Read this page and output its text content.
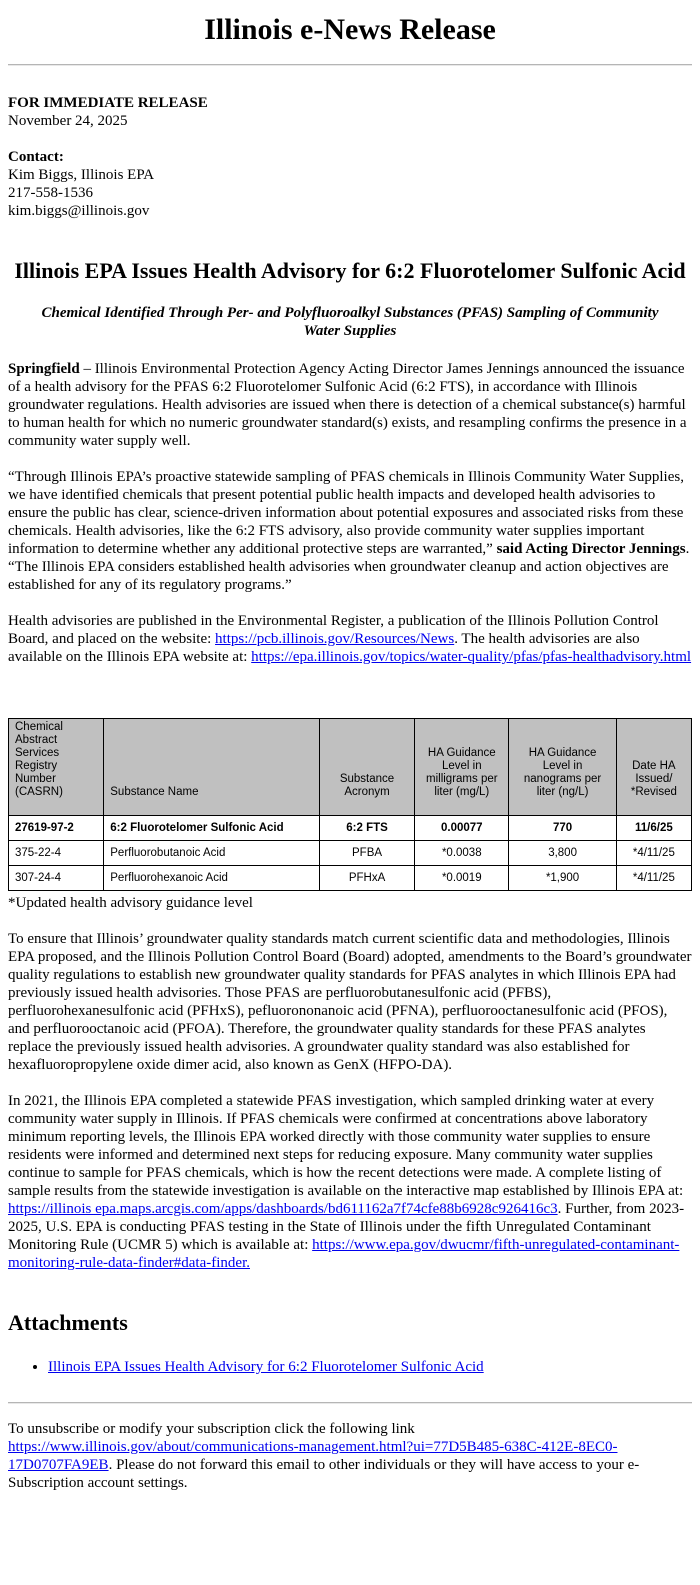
Illinois e-News Release
FOR IMMEDIATE RELEASE
November 24, 2025
Contact:
Kim Biggs, Illinois EPA
217-558-1536
kim.biggs@illinois.gov
Illinois EPA Issues Health Advisory for 6:2 Fluorotelomer Sulfonic Acid
Chemical Identified Through Per- and Polyfluoroalkyl Substances (PFAS) Sampling of Community Water Supplies

Springfield – Illinois Environmental Protection Agency Acting Director James Jennings announced the issuance of a health advisory for the PFAS 6:2 Fluorotelomer Sulfonic Acid (6:2 FTS), in accordance with Illinois groundwater regulations. Health advisories are issued when there is detection of a chemical substance(s) harmful to human health for which no numeric groundwater standard(s) exists, and resampling confirms the presence in a community water supply well.

“Through Illinois EPA’s proactive statewide sampling of PFAS chemicals in Illinois Community Water Supplies, we have identified chemicals that present potential public health impacts and developed health advisories to ensure the public has clear, science-driven information about potential exposures and associated risks from these chemicals. Health advisories, like the 6:2 FTS advisory, also provide community water supplies important information to determine whether any additional protective steps are warranted,” said Acting Director Jennings. “The Illinois EPA considers established health advisories when groundwater cleanup and action objectives are established for any of its regulatory programs.”

Health advisories are published in the Environmental Register, a publication of the Illinois Pollution Control Board, and placed on the website: https://pcb.illinois.gov/Resources/News. The health advisories are also available on the Illinois EPA website at: https://epa.illinois.gov/topics/water-quality/pfas/pfas-healthadvisory.html

Chemical Abstract Services Registry Number (CASRN)	Substance Name	Substance Acronym	HA Guidance Level in milligrams per liter (mg/L)	HA Guidance Level in nanograms per liter (ng/L)	Date HA Issued/ *Revised
27619-97-2	6:2 Fluorotelomer Sulfonic Acid	6:2 FTS	0.00077	770	11/6/25
375-22-4	Perfluorobutanoic Acid	PFBA	*0.0038	3,800	*4/11/25
307-24-4	Perfluorohexanoic Acid	PFHxA	*0.0019	*1,900	*4/11/25
*Updated health advisory guidance level

To ensure that Illinois’ groundwater quality standards match current scientific data and methodologies, Illinois EPA proposed, and the Illinois Pollution Control Board (Board) adopted, amendments to the Board’s groundwater quality regulations to establish new groundwater quality standards for PFAS analytes in which Illinois EPA had previously issued health advisories. Those PFAS are perfluorobutanesulfonic acid (PFBS), perfluorohexanesulfonic acid (PFHxS), pefluorononanoic acid (PFNA), perfluorooctanesulfonic acid (PFOS), and perfluorooctanoic acid (PFOA). Therefore, the groundwater quality standards for these PFAS analytes replace the previously issued health advisories. A groundwater quality standard was also established for hexafluoropropylene oxide dimer acid, also known as GenX (HFPO-DA).

In 2021, the Illinois EPA completed a statewide PFAS investigation, which sampled drinking water at every community water supply in Illinois. If PFAS chemicals were confirmed at concentrations above laboratory minimum reporting levels, the Illinois EPA worked directly with those community water supplies to ensure residents were informed and determined next steps for reducing exposure. Many community water supplies continue to sample for PFAS chemicals, which is how the recent detections were made. A complete listing of sample results from the statewide investigation is available on the interactive map established by Illinois EPA at: https://illinois epa.maps.arcgis.com/apps/dashboards/bd611162a7f74cfe88b6928c926416c3. Further, from 2023-2025, U.S. EPA is conducting PFAS testing in the State of Illinois under the fifth Unregulated Contaminant Monitoring Rule (UCMR 5) which is available at: https://www.epa.gov/dwucmr/fifth-unregulated-contaminant-monitoring-rule-data-finder#data-finder.

Attachments
• Illinois EPA Issues Health Advisory for 6:2 Fluorotelomer Sulfonic Acid

To unsubscribe or modify your subscription click the following link https://www.illinois.gov/about/communications-management.html?ui=77D5B485-638C-412E-8EC0-17D0707FA9EB. Please do not forward this email to other individuals or they will have access to your e-Subscription account settings.
